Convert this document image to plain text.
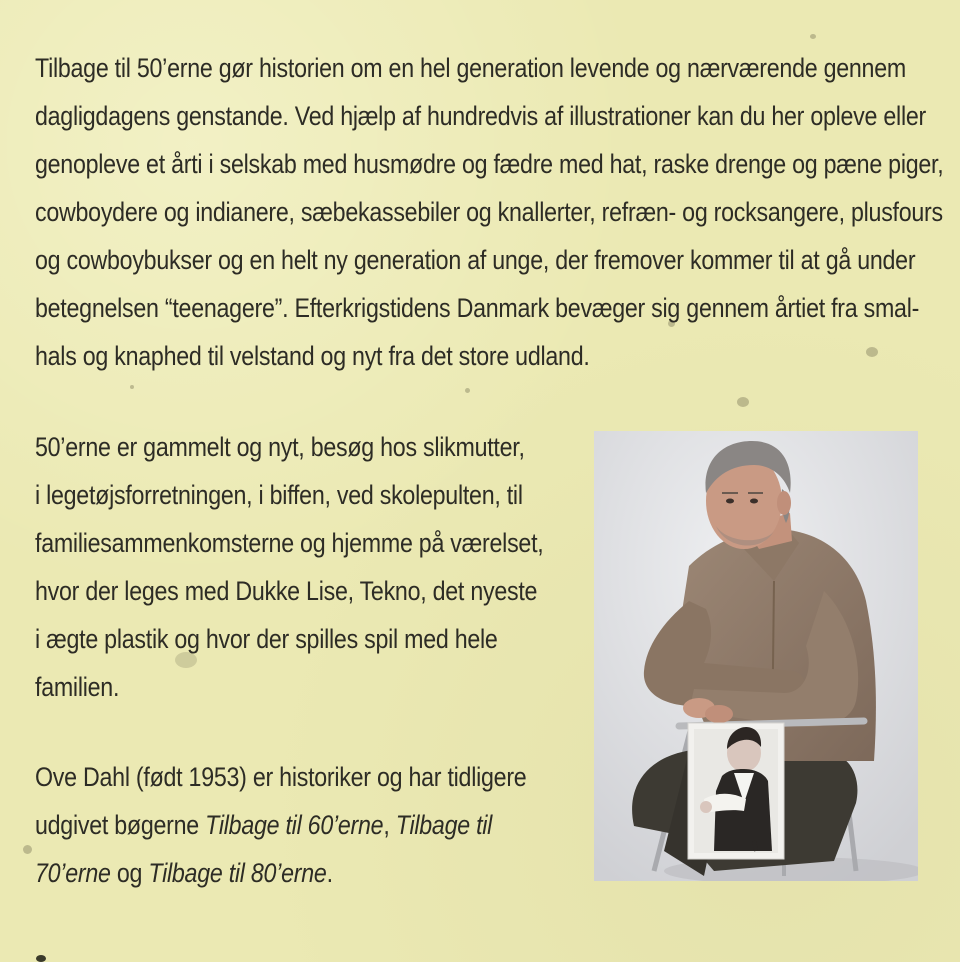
Tilbage til 50’erne gør historien om en hel generation levende og nærværende gennem
dagligdagens genstande. Ved hjælp af hundredvis af illustrationer kan du her opleve eller
genopleve et årti i selskab med husmødre og fædre med hat, raske drenge og pæne piger,
cowboydere og indianere, sæbekassebiler og knallerter, refræn- og rocksangere, plusfours
og cowboybukser og en helt ny generation af unge, der fremover kommer til at gå under
betegnelsen “teenagere”. Efterkrigstidens Danmark bevæger sig gennem årtiet fra smal-
hals og knaphed til velstand og nyt fra det store udland.
50’erne er gammelt og nyt, besøg hos slikmutter,
i legetøjsforretningen, i biffen, ved skolepulten, til
familiesammenkomsterne og hjemme på værelset,
hvor der leges med Dukke Lise, Tekno, det nyeste
i ægte plastik og hvor der spilles spil med hele
familien.
Ove Dahl (født 1953) er historiker og har tidligere
udgivet bøgerne Tilbage til 60’erne, Tilbage til
70’erne og Tilbage til 80’erne.
